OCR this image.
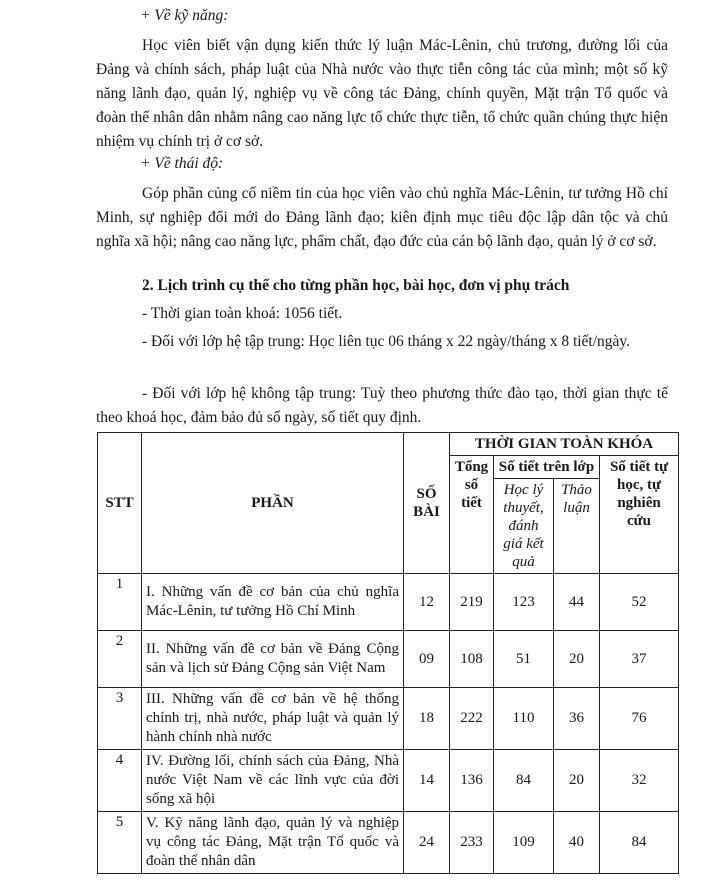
+ Về kỹ năng:

Học viên biết vận dụng kiến thức lý luận Mác-Lênin, chủ trương, đường lối của Đảng và chính sách, pháp luật của Nhà nước vào thực tiễn công tác của mình; một số kỹ năng lãnh đạo, quản lý, nghiệp vụ về công tác Đảng, chính quyền, Mặt trận Tổ quốc và đoàn thể nhân dân nhằm nâng cao năng lực tổ chức thực tiễn, tổ chức quần chúng thực hiện nhiệm vụ chính trị ở cơ sở.

+ Về thái độ:

Góp phần củng cố niềm tin của học viên vào chủ nghĩa Mác-Lênin, tư tưởng Hồ chí Minh, sự nghiệp đổi mới do Đảng lãnh đạo; kiên định mục tiêu độc lập dân tộc và chủ nghĩa xã hội; nâng cao năng lực, phẩm chất, đạo đức của cán bộ lãnh đạo, quản lý ở cơ sở.

2. Lịch trình cụ thể cho từng phần học, bài học, đơn vị phụ trách

- Thời gian toàn khoá: 1056 tiết.

- Đối với lớp hệ tập trung: Học liên tục 06 tháng x 22 ngày/tháng x 8 tiết/ngày.

- Đối với lớp hệ không tập trung: Tuỳ theo phương thức đào tạo, thời gian thực tế theo khoá học, đảm bảo đủ số ngày, số tiết quy định.

STT	PHẦN	SỐ BÀI	THỜI GIAN TOÀN KHÓA			
			Tổng số tiết	Số tiết trên lớp		Số tiết tự học, tự nghiên cứu
				Học lý thuyết, đánh giá kết quả	Thảo luận	
1	I. Những vấn đề cơ bản của chủ nghĩa Mác-Lênin, tư tưởng Hồ Chí Minh	12	219	123	44	52
2	II. Những vấn đề cơ bản về Đảng Cộng sản và lịch sử Đảng Cộng sản Việt Nam	09	108	51	20	37
3	III. Những vấn đề cơ bản về hệ thống chính trị, nhà nước, pháp luật và quản lý hành chính nhà nước	18	222	110	36	76
4	IV. Đường lối, chính sách của Đảng, Nhà nước Việt Nam về các lĩnh vực của đời sống xã hội	14	136	84	20	32
5	V. Kỹ năng lãnh đạo, quản lý và nghiệp vụ công tác Đảng, Mặt trận Tổ quốc và đoàn thể nhân dân	24	233	109	40	84
